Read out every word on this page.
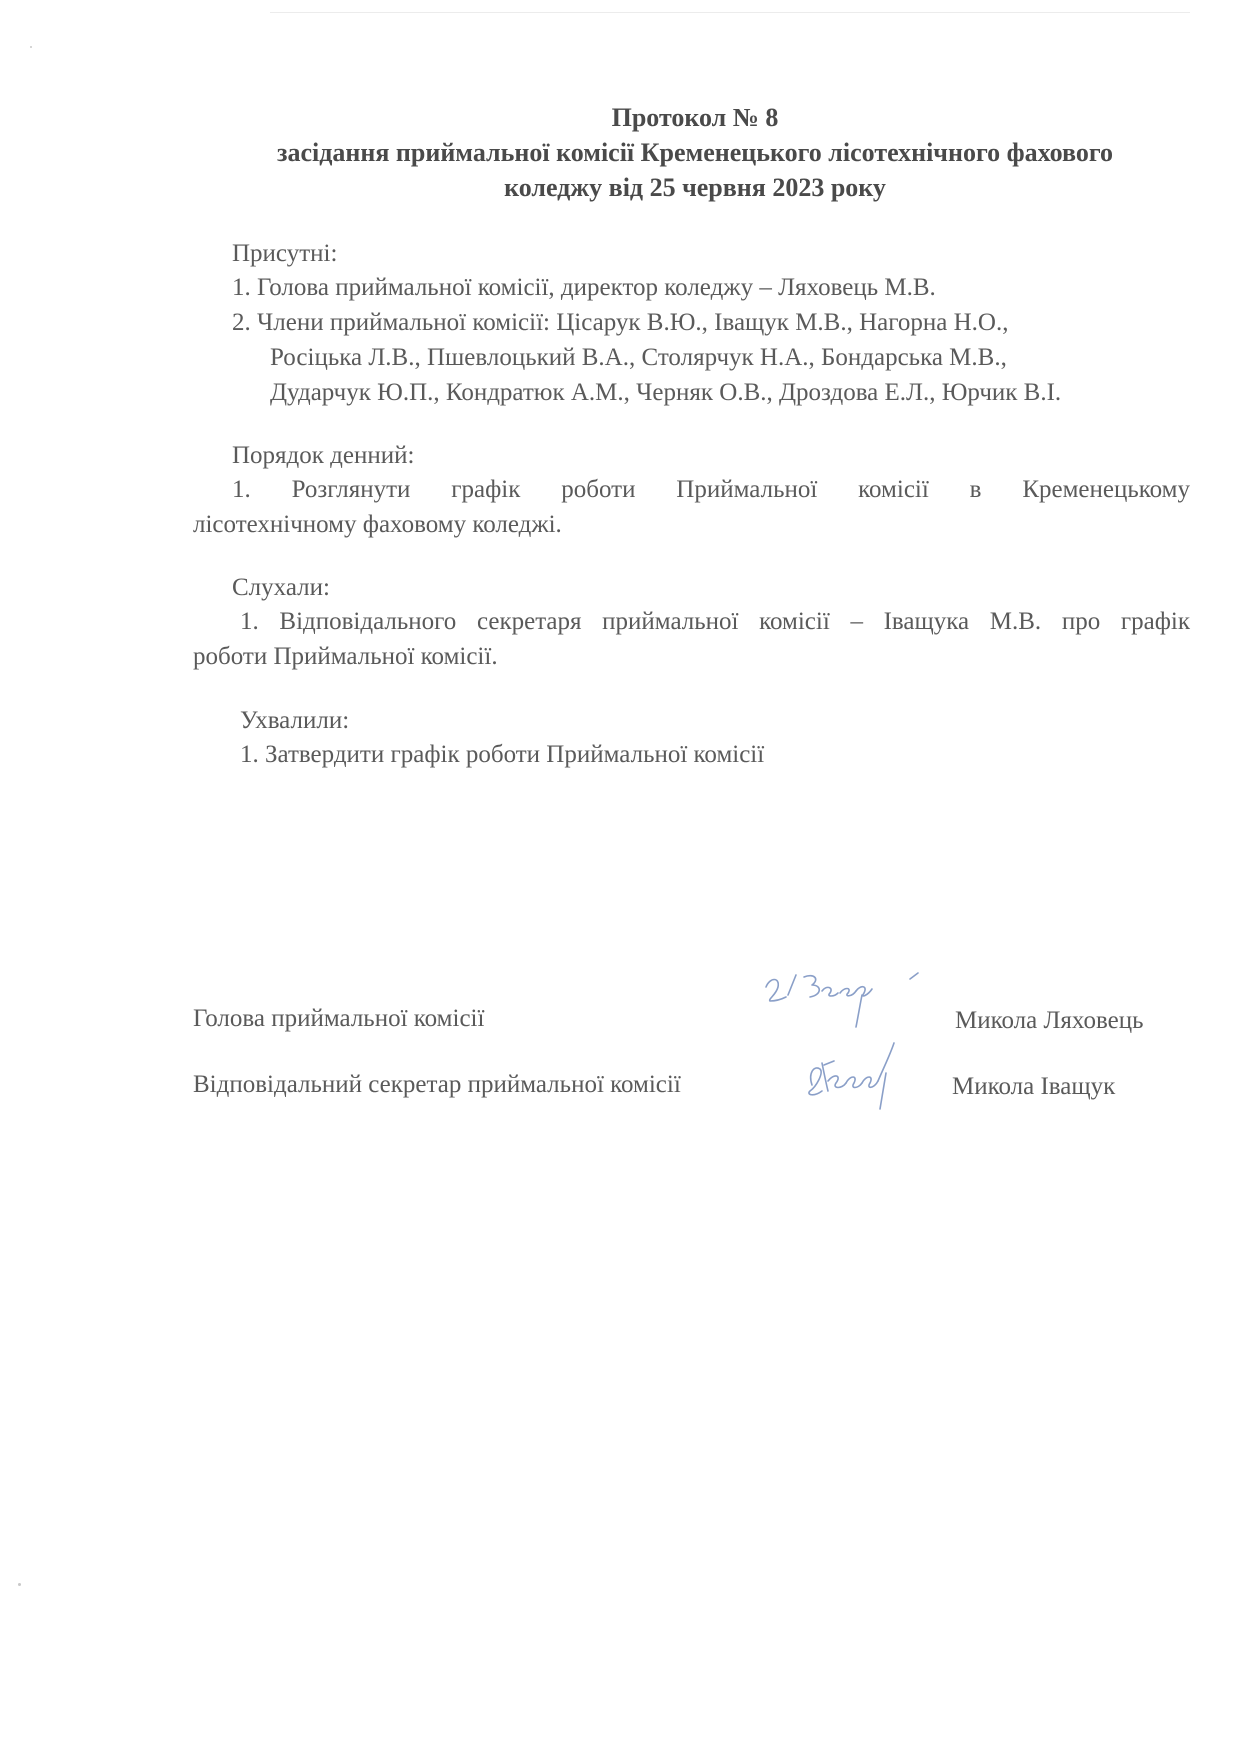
Протокол № 8
засідання приймальної комісії Кременецького лісотехнічного фахового
коледжу від 25 червня 2023 року
Присутні:
1. Голова приймальної комісії, директор коледжу – Ляховець М.В.
2. Члени приймальної комісії: Цісарук В.Ю., Іващук М.В., Нагорна Н.О.,
Росіцька Л.В., Пшевлоцький В.А., Столярчук Н.А., Бондарська М.В.,
Дударчук Ю.П., Кондратюк А.М., Черняк О.В., Дроздова Е.Л., Юрчик В.І.
Порядок денний:
1. Розглянути графік роботи Приймальної комісії в Кременецькому
лісотехнічному фаховому коледжі.
Слухали:
1. Відповідального секретаря приймальної комісії – Іващука М.В. про графік
роботи Приймальної комісії.
Ухвалили:
1. Затвердити графік роботи Приймальної комісії
Голова приймальної комісії	Микола Ляховець
Відповідальний секретар приймальної комісії	Микола Іващук
